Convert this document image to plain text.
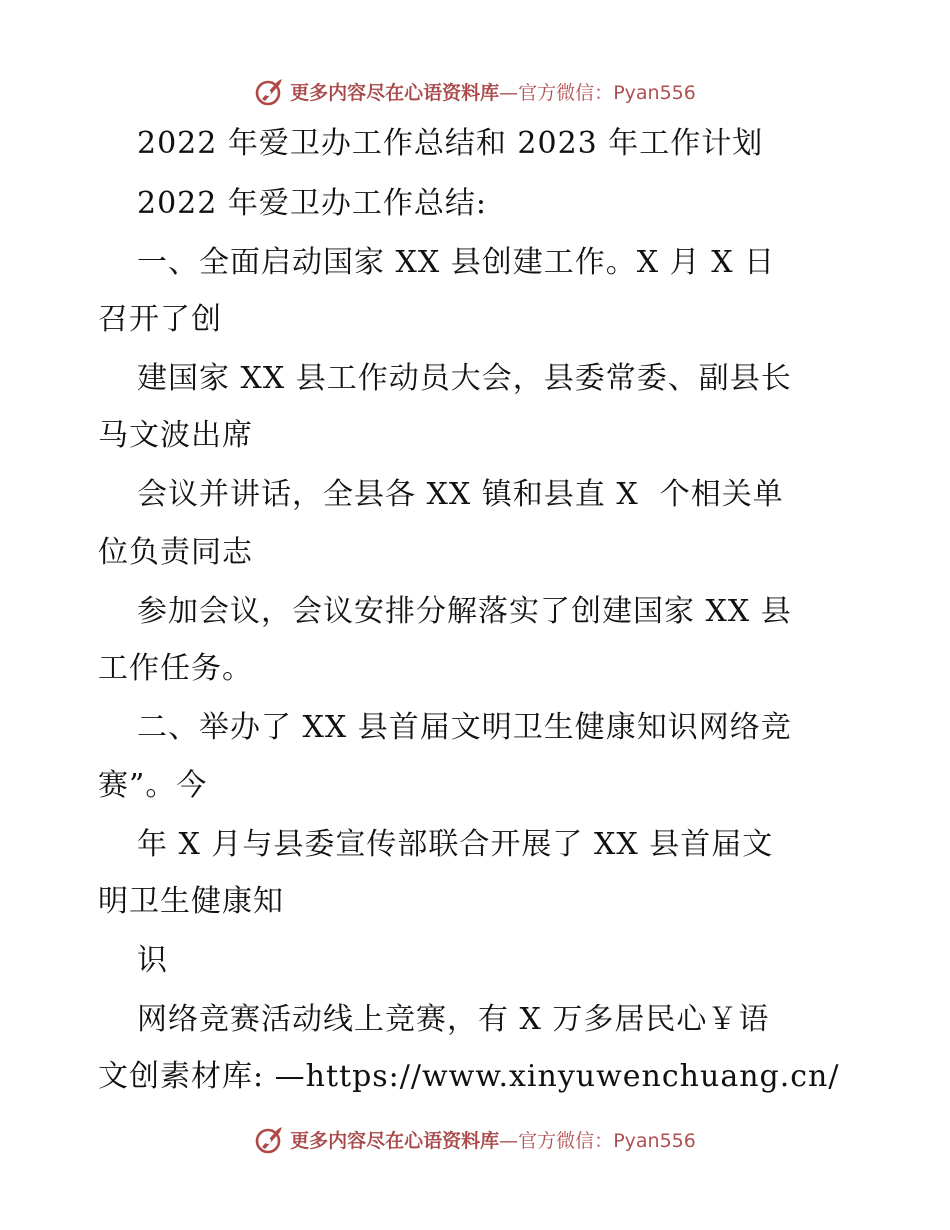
更多内容尽在心语资料库—官方微信：Pyan556
2022 年爱卫办工作总结和 2023 年工作计划
2022 年爱卫办工作总结:
一、全面启动国家 XX 县创建工作。X 月 X 日
召开了创
建国家 XX 县工作动员大会，县委常委、副县长
马文波出席
会议并讲话，全县各 XX 镇和县直 X  个相关单
位负责同志
参加会议，会议安排分解落实了创建国家 XX 县
工作任务。
二、举办了 XX 县首届文明卫生健康知识网络竞
赛”。今
年 X 月与县委宣传部联合开展了 XX 县首届文
明卫生健康知
识
网络竞赛活动线上竞赛，有 X 万多居民心￥语
文创素材库: —https://www.xinyuwenchuang.cn/
更多内容尽在心语资料库—官方微信：Pyan556
